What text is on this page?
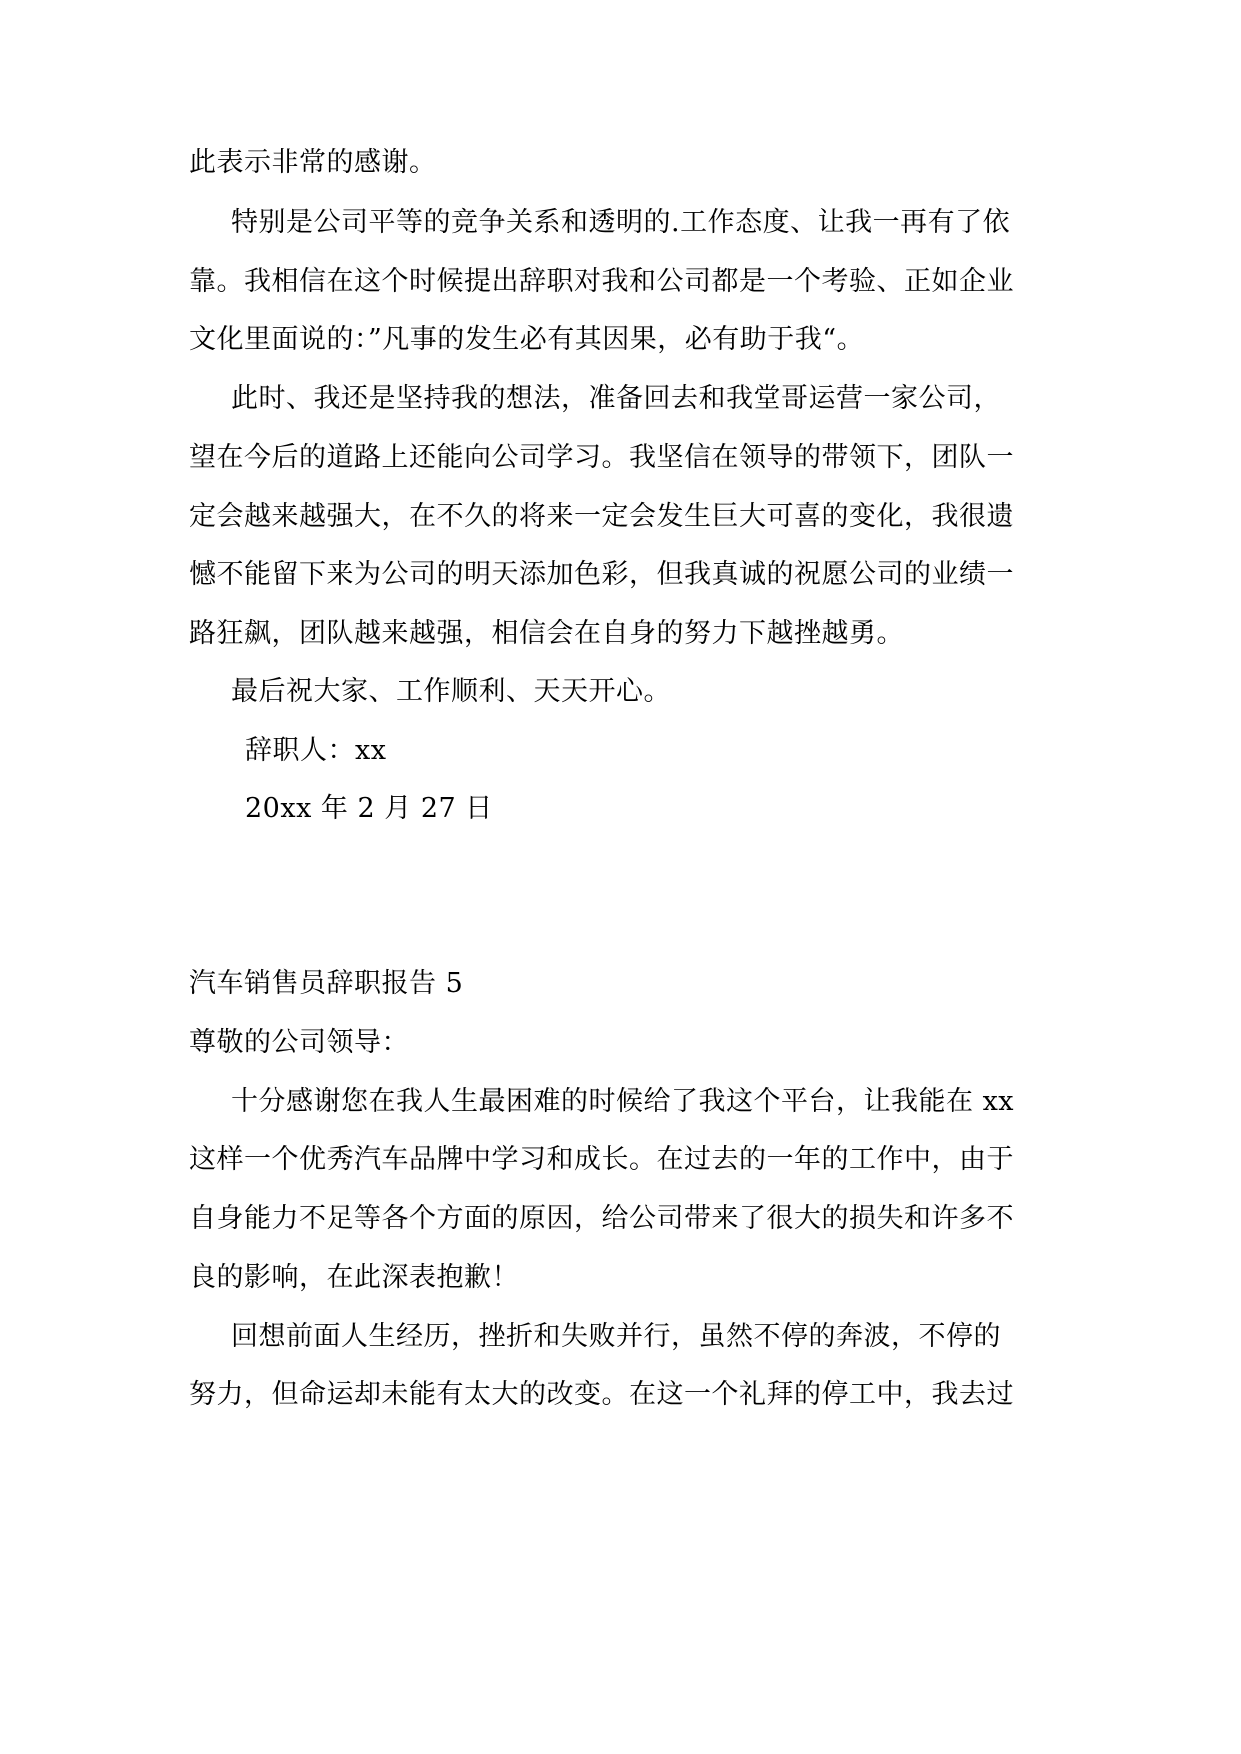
此表示非常的感谢。
特别是公司平等的竞争关系和透明的.工作态度、让我一再有了依
靠。我相信在这个时候提出辞职对我和公司都是一个考验、正如企业
文化里面说的：”凡事的发生必有其因果，必有助于我“。
此时、我还是坚持我的想法，准备回去和我堂哥运营一家公司，
望在今后的道路上还能向公司学习。我坚信在领导的带领下，团队一
定会越来越强大，在不久的将来一定会发生巨大可喜的变化，我很遗
憾不能留下来为公司的明天添加色彩，但我真诚的祝愿公司的业绩一
路狂飙，团队越来越强，相信会在自身的努力下越挫越勇。
最后祝大家、工作顺利、天天开心。
辞职人：xx
20xx 年 2 月 27 日
汽车销售员辞职报告 5
尊敬的公司领导：
十分感谢您在我人生最困难的时候给了我这个平台，让我能在 xx
这样一个优秀汽车品牌中学习和成长。在过去的一年的工作中，由于
自身能力不足等各个方面的原因，给公司带来了很大的损失和许多不
良的影响，在此深表抱歉！
回想前面人生经历，挫折和失败并行，虽然不停的奔波，不停的
努力，但命运却未能有太大的改变。在这一个礼拜的停工中，我去过
